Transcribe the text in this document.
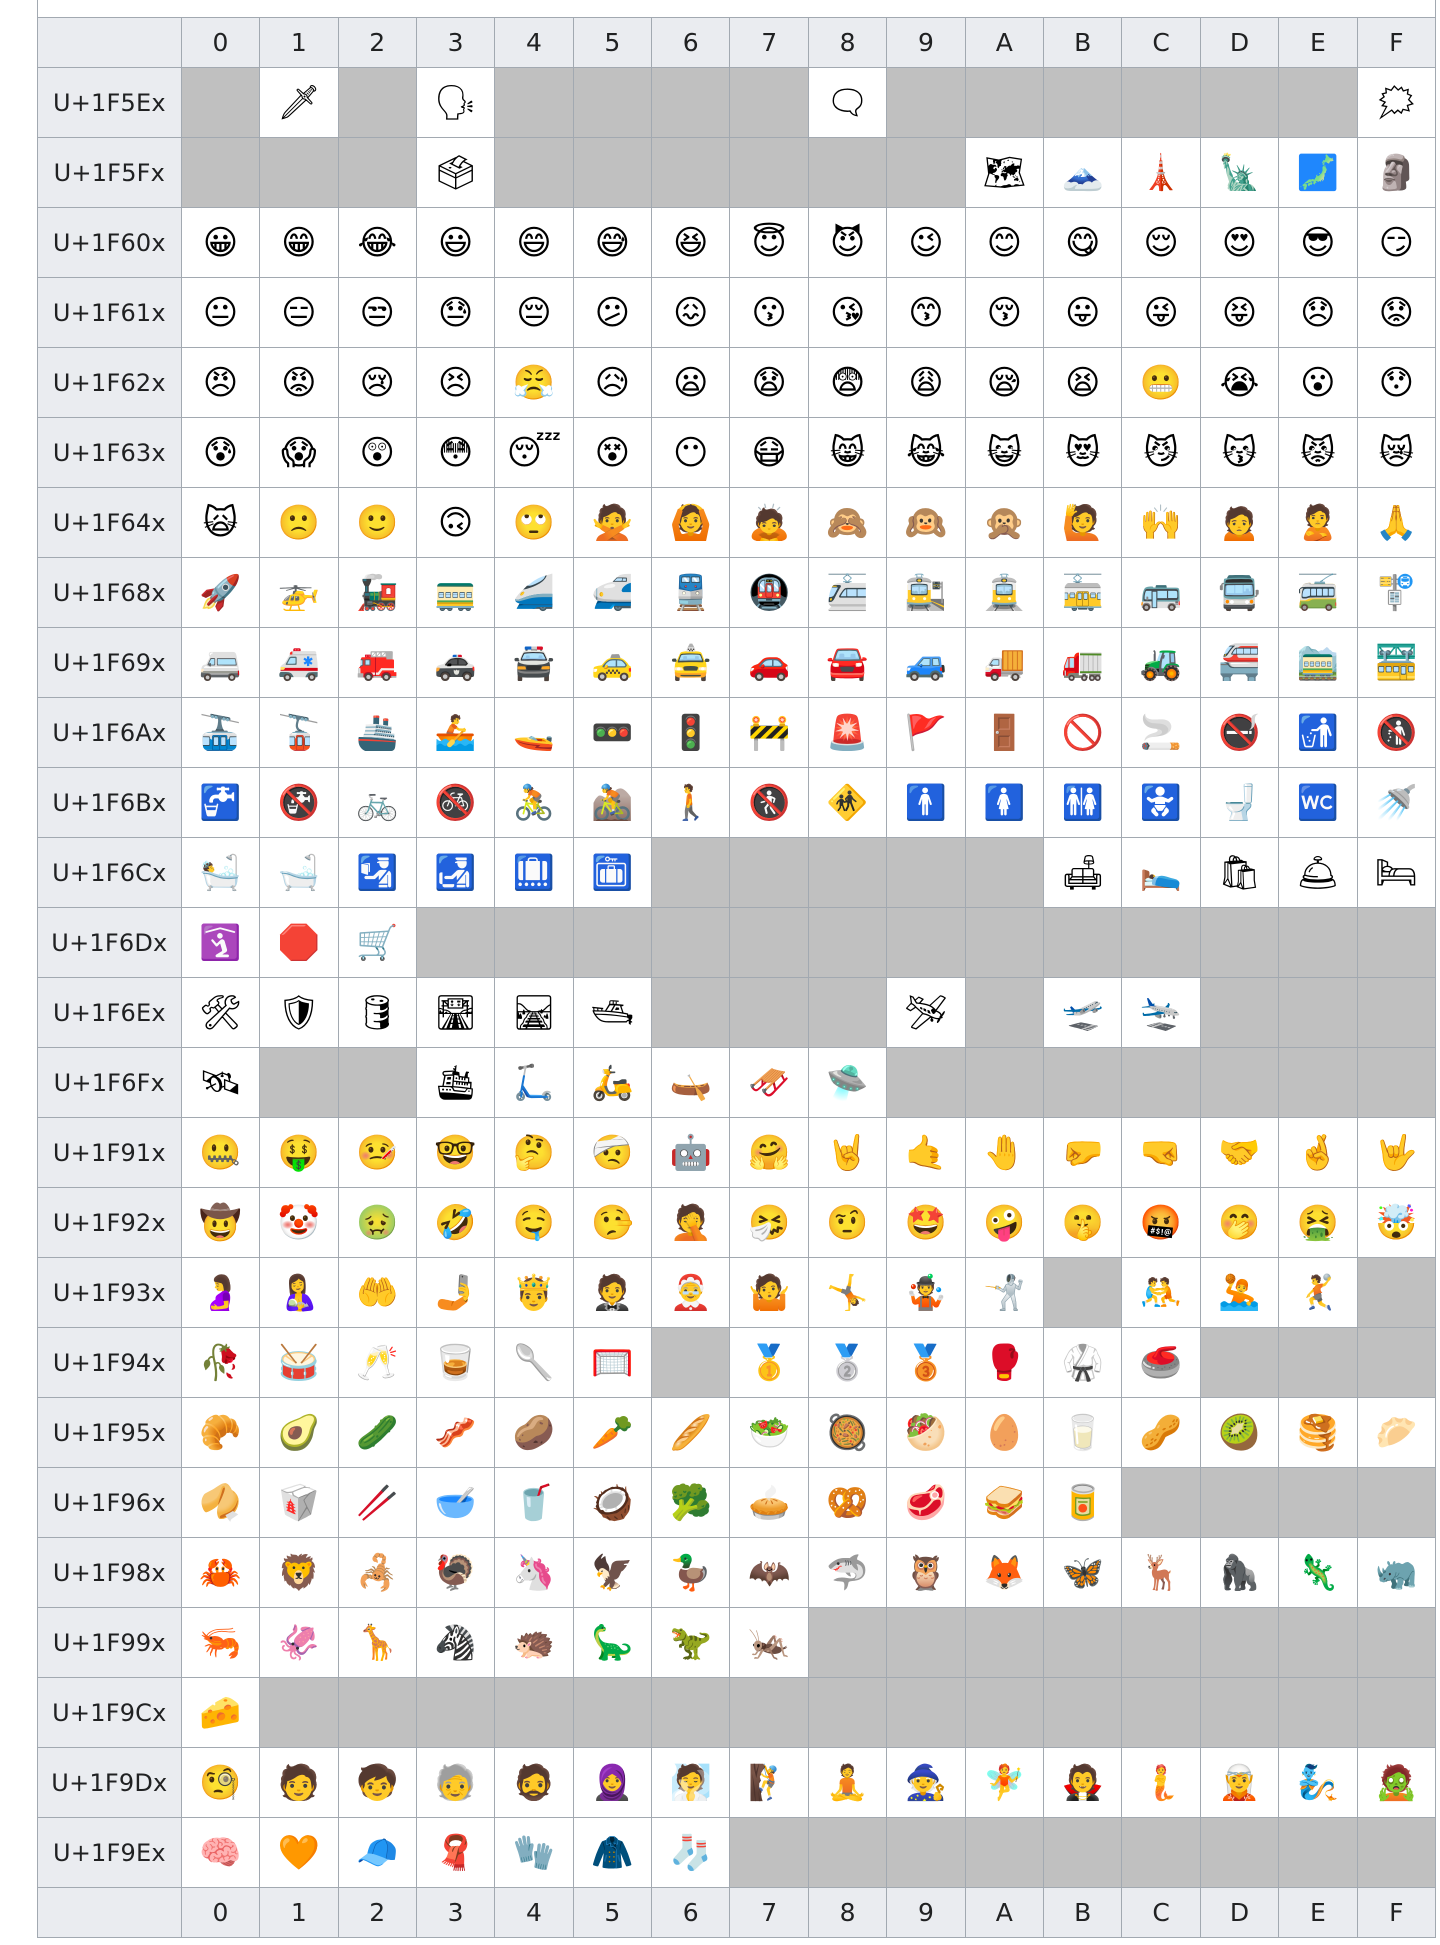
	0	1	2	3	4	5	6	7	8	9	A	B	C	D	E	F
U+1F5Ex		🗡		🗣					🗨							🗯
U+1F5Fx				🗳							🗺	🗻	🗼	🗽	🗾	🗿
U+1F60x	😀	😁	😂	😃	😄	😅	😆	😇	😈	😉	😊	😋	😌	😍	😎	😏
U+1F61x	😐	😑	😒	😓	😔	😕	😖	😗	😘	😙	😚	😛	😜	😝	😞	😟
U+1F62x	😠	😡	😢	😣	😤	😥	😦	😧	😨	😩	😪	😫	😬	😭	😮	😯
U+1F63x	😰	😱	😲	😳	😴	😵	😶	😷	😸	😹	😺	😻	😼	😽	😾	😿
U+1F64x	🙀	🙁	🙂	🙃	🙄	🙅	🙆	🙇	🙈	🙉	🙊	🙋	🙌	🙍	🙎	🙏
U+1F68x	🚀	🚁	🚂	🚃	🚄	🚅	🚆	🚇	🚈	🚉	🚊	🚋	🚌	🚍	🚎	🚏
U+1F69x	🚐	🚑	🚒	🚓	🚔	🚕	🚖	🚗	🚘	🚙	🚚	🚛	🚜	🚝	🚞	🚟
U+1F6Ax	🚠	🚡	🚢	🚣	🚤	🚥	🚦	🚧	🚨	🚩	🚪	🚫	🚬	🚭	🚮	🚯
U+1F6Bx	🚰	🚱	🚲	🚳	🚴	🚵	🚶	🚷	🚸	🚹	🚺	🚻	🚼	🚽	🚾	🚿
U+1F6Cx	🛀	🛁	🛂	🛃	🛄	🛅						🛋	🛌	🛍	🛎	🛏
U+1F6Dx	🛐	🛑	🛒													
U+1F6Ex	🛠	🛡	🛢	🛣	🛤	🛥				🛩		🛫	🛬			
U+1F6Fx	🛰			🛳	🛴	🛵	🛶	🛷	🛸							
U+1F91x	🤐	🤑	🤒	🤓	🤔	🤕	🤖	🤗	🤘	🤙	🤚	🤛	🤜	🤝	🤞	🤟
U+1F92x	🤠	🤡	🤢	🤣	🤤	🤥	🤦	🤧	🤨	🤩	🤪	🤫	🤬	🤭	🤮	🤯
U+1F93x	🤰	🤱	🤲	🤳	🤴	🤵	🤶	🤷	🤸	🤹	🤺		🤼	🤽	🤾	
U+1F94x	🥀	🥁	🥂	🥃	🥄	🥅		🥇	🥈	🥉	🥊	🥋	🥌			
U+1F95x	🥐	🥑	🥒	🥓	🥔	🥕	🥖	🥗	🥘	🥙	🥚	🥛	🥜	🥝	🥞	🥟
U+1F96x	🥠	🥡	🥢	🥣	🥤	🥥	🥦	🥧	🥨	🥩	🥪	🥫				
U+1F98x	🦀	🦁	🦂	🦃	🦄	🦅	🦆	🦇	🦈	🦉	🦊	🦋	🦌	🦍	🦎	🦏
U+1F99x	🦐	🦑	🦒	🦓	🦔	🦕	🦖	🦗								
U+1F9Cx	🧀															
U+1F9Dx	🧐	🧑	🧒	🧓	🧔	🧕	🧖	🧗	🧘	🧙	🧚	🧛	🧜	🧝	🧞	🧟
U+1F9Ex	🧠	🧡	🧢	🧣	🧤	🧥	🧦									
	0	1	2	3	4	5	6	7	8	9	A	B	C	D	E	F
